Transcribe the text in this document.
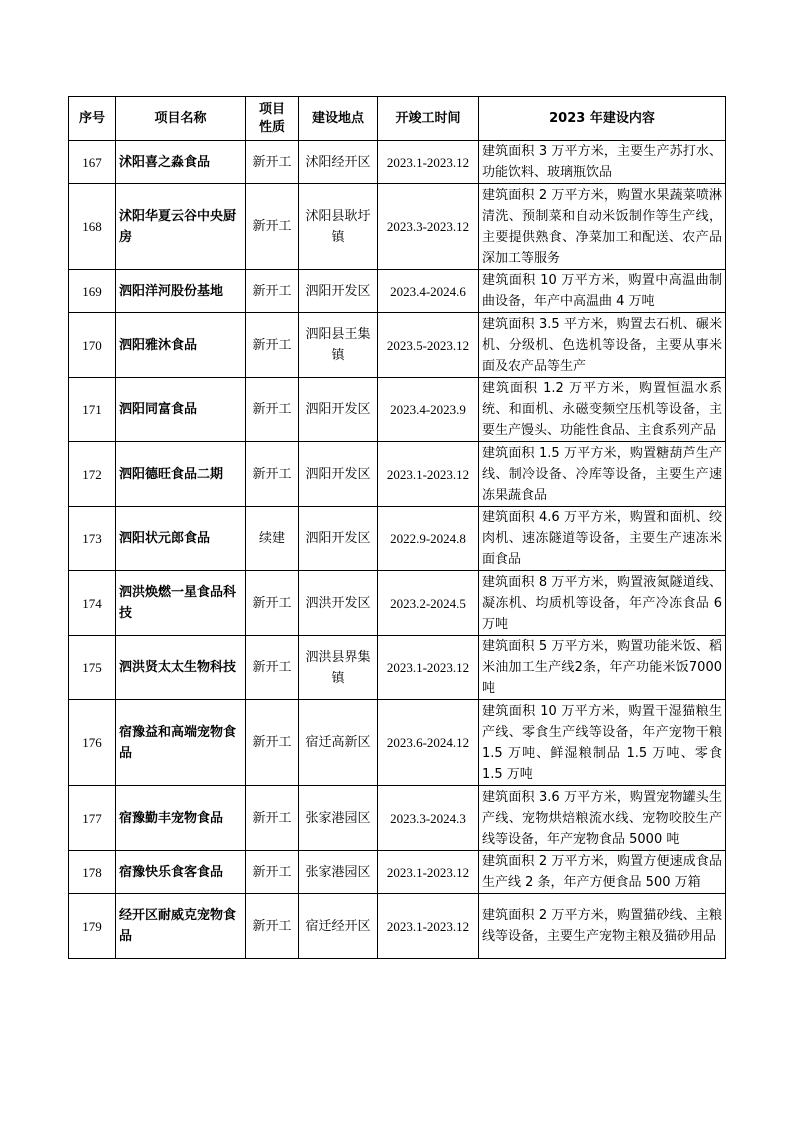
序号	项目名称	项目性质	建设地点	开竣工时间	2023 年建设内容
167	沭阳喜之淼食品	新开工	沭阳经开区	2023.1-2023.12	建筑面积 3 万平方米，主要生产苏打水、功能饮料、玻璃瓶饮品
168	沭阳华夏云谷中央厨房	新开工	沭阳县耿圩镇	2023.3-2023.12	建筑面积 2 万平方米，购置水果蔬菜喷淋清洗、预制菜和自动米饭制作等生产线，主要提供熟食、净菜加工和配送、农产品深加工等服务
169	泗阳洋河股份基地	新开工	泗阳开发区	2023.4-2024.6	建筑面积 10 万平方米，购置中高温曲制曲设备，年产中高温曲 4 万吨
170	泗阳雅沐食品	新开工	泗阳县王集镇	2023.5-2023.12	建筑面积 3.5 平方米，购置去石机、碾米机、分级机、色选机等设备，主要从事米面及农产品等生产
171	泗阳同富食品	新开工	泗阳开发区	2023.4-2023.9	建筑面积 1.2 万平方米，购置恒温水系统、和面机、永磁变频空压机等设备，主要生产馒头、功能性食品、主食系列产品
172	泗阳德旺食品二期	新开工	泗阳开发区	2023.1-2023.12	建筑面积 1.5 万平方米，购置糖葫芦生产线、制冷设备、冷库等设备，主要生产速冻果蔬食品
173	泗阳状元郎食品	续建	泗阳开发区	2022.9-2024.8	建筑面积 4.6 万平方米，购置和面机、绞肉机、速冻隧道等设备，主要生产速冻米面食品
174	泗洪焕燃一星食品科技	新开工	泗洪开发区	2023.2-2024.5	建筑面积 8 万平方米，购置液氮隧道线、凝冻机、均质机等设备，年产冷冻食品 6 万吨
175	泗洪贤太太生物科技	新开工	泗洪县界集镇	2023.1-2023.12	建筑面积 5 万平方米，购置功能米饭、稻米油加工生产线2条，年产功能米饭7000吨
176	宿豫益和高端宠物食品	新开工	宿迁高新区	2023.6-2024.12	建筑面积 10 万平方米，购置干湿猫粮生产线、零食生产线等设备，年产宠物干粮 1.5 万吨、鲜湿粮制品 1.5 万吨、零食 1.5 万吨
177	宿豫勤丰宠物食品	新开工	张家港园区	2023.3-2024.3	建筑面积 3.6 万平方米，购置宠物罐头生产线、宠物烘焙粮流水线、宠物咬胶生产线等设备，年产宠物食品 5000 吨
178	宿豫快乐食客食品	新开工	张家港园区	2023.1-2023.12	建筑面积 2 万平方米，购置方便速成食品生产线 2 条，年产方便食品 500 万箱
179	经开区耐威克宠物食品	新开工	宿迁经开区	2023.1-2023.12	建筑面积 2 万平方米，购置猫砂线、主粮线等设备，主要生产宠物主粮及猫砂用品
